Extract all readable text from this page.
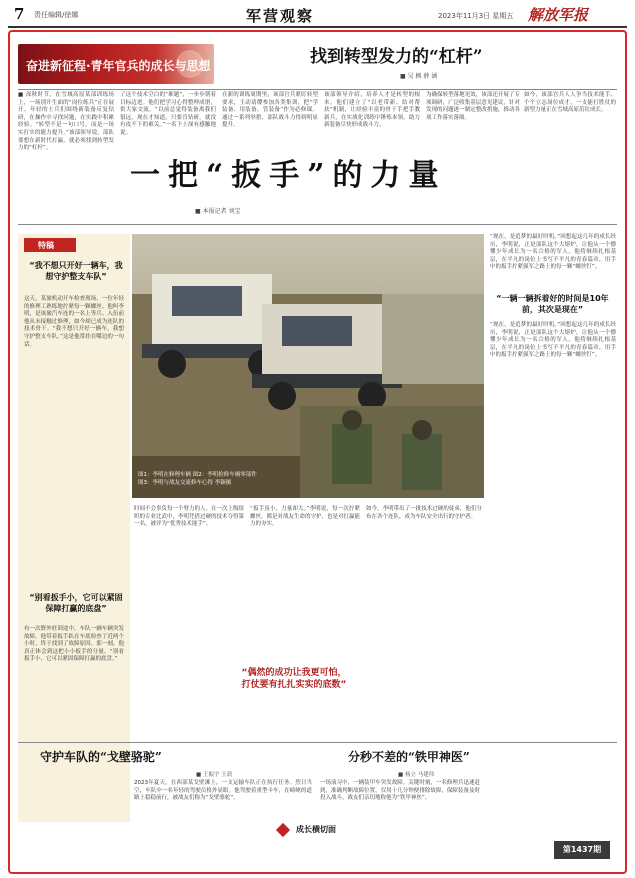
7 责任编辑/徐娜	军营观察	2023年11月3日 星期五 解放军报
奋进新征程·青年官兵的成长与思想	找到转型发力的“杠杆”
■ 吴 枫 薛 涵
■ 深秋时节，在雪域高原某部训练场上，一场别开生面的“岗位练兵”正在展开。年轻的士兵们围绕新装备反复钻研，在操作中寻找问题，在实践中积累经验。“转型不是一句口号，而是一场实打实的能力提升。”该部领导说，部队要想在新时代打赢，就必须找到转型发力的“杠杆”。
了这个技术空白的“难题”，一步步朝着目标迈进。他们把学习心得整理成册，供大家交流。“以前总觉得装备离我们很远，现在才知道，只要肯钻研，就没有攻不下的难关。”一名下士深有感触地说。
在新的训练周期里，该部官兵紧盯转型要求，主动请缨参加各类集训，把“学装备、用装备、管装备”作为必修课。通过一系列举措，部队战斗力得到明显提升。
该部领导介绍，培养人才是转型的根本。他们建立了“以老带新、结对帮扶”机制，让经验丰富的骨干手把手教新兵，在实战化训练中锤炼本领，助力新装备尽快形成战斗力。
为确保转型落地见效，该部还开展了专项调研，广泛收集基层意见建议，针对发现的问题逐一制定整改措施，推动各项工作落实落细。
如今，该部官兵人人争当技术能手、个个立志岗位成才，一支能打胜仗的新型力量正在雪域高原茁壮成长。
一把“扳手”的力量
■ 本报记者 刘宝
特稿
“我不想只开好一辆车，我想守护整支车队”
这天，某旅机动开车检查现场，一位年轻的修理工熟练地拧紧每一颗螺丝。他叫李明，是该旅汽车连的一名上等兵。入伍前他从未接触过修理，如今却已成为连队的技术骨干。“我不想只开好一辆车，我想守护整支车队。”这是他常挂在嘴边的一句话。
“别看扳手小，它可以紧固保障打赢的底盘”
有一次野外驻训途中，车队一辆车辆突发故障，他带着扳手趴在车底检查了近两个小时，终于找到了故障原因。那一刻，他真正体会到这把小小扳手的分量。“别看扳手小，它可以紧固保障打赢的底盘。”
图1：李明在修理车辆 图2：李明检修车辆零部件 图3：李明与战友交流修车心得 李颖摄
时间不会辜负每一个努力的人。在一次上级组织的专业比武中，李明凭借过硬的技术夺得第一名，被评为“优秀技术能手”。
“扳手虽小，力量却大。”李明说，每一次拧紧螺丝，都是对战友生命的守护，也是对打赢能力的夯实。
如今，李明带出了一批技术过硬的徒弟，他们分布在各个连队，成为车队安全出行的守护者。
“偶然的成功让我更可怕，打仗要有扎扎实实的底数”
“现在，是追梦的最好时机。”回想起这几年的成长经历，李明说，正是部队这个大熔炉，让他从一个懵懂少年成长为一名合格的军人。他将继续扎根基层，在平凡的岗位上书写不平凡的青春篇章，用手中的扳手拧紧强军之路上的每一颗“螺丝钉”。
“一辆一辆拆着好的时间是10年前，其次是现在”
“现在，是追梦的最好时机。”回想起这几年的成长经历，李明说，正是部队这个大熔炉，让他从一个懵懂少年成长为一名合格的军人。他将继续扎根基层，在平凡的岗位上书写不平凡的青春篇章，用手中的扳手拧紧强军之路上的每一颗“螺丝钉”。
守护车队的“戈壁骆驼”
■ 王振宇 王晨
2023年夏天，在西部某戈壁滩上，一支运输车队正在执行任务。烈日当空，车队中一名年轻的驾驶员格外显眼。他驾驶着重型卡车，在崎岖的道路上稳稳前行，被战友们称为“戈壁骆驼”。
分秒不差的“铁甲神医”
■ 杨立 马建伟
一场演习中，一辆装甲车突发故障。关键时刻，一名修理兵迅速赶到，准确判断故障位置，仅用十几分钟便排除故障，保障装备及时投入战斗。战友们亲切地称他为“铁甲神医”。
成长横切面
第1437期
